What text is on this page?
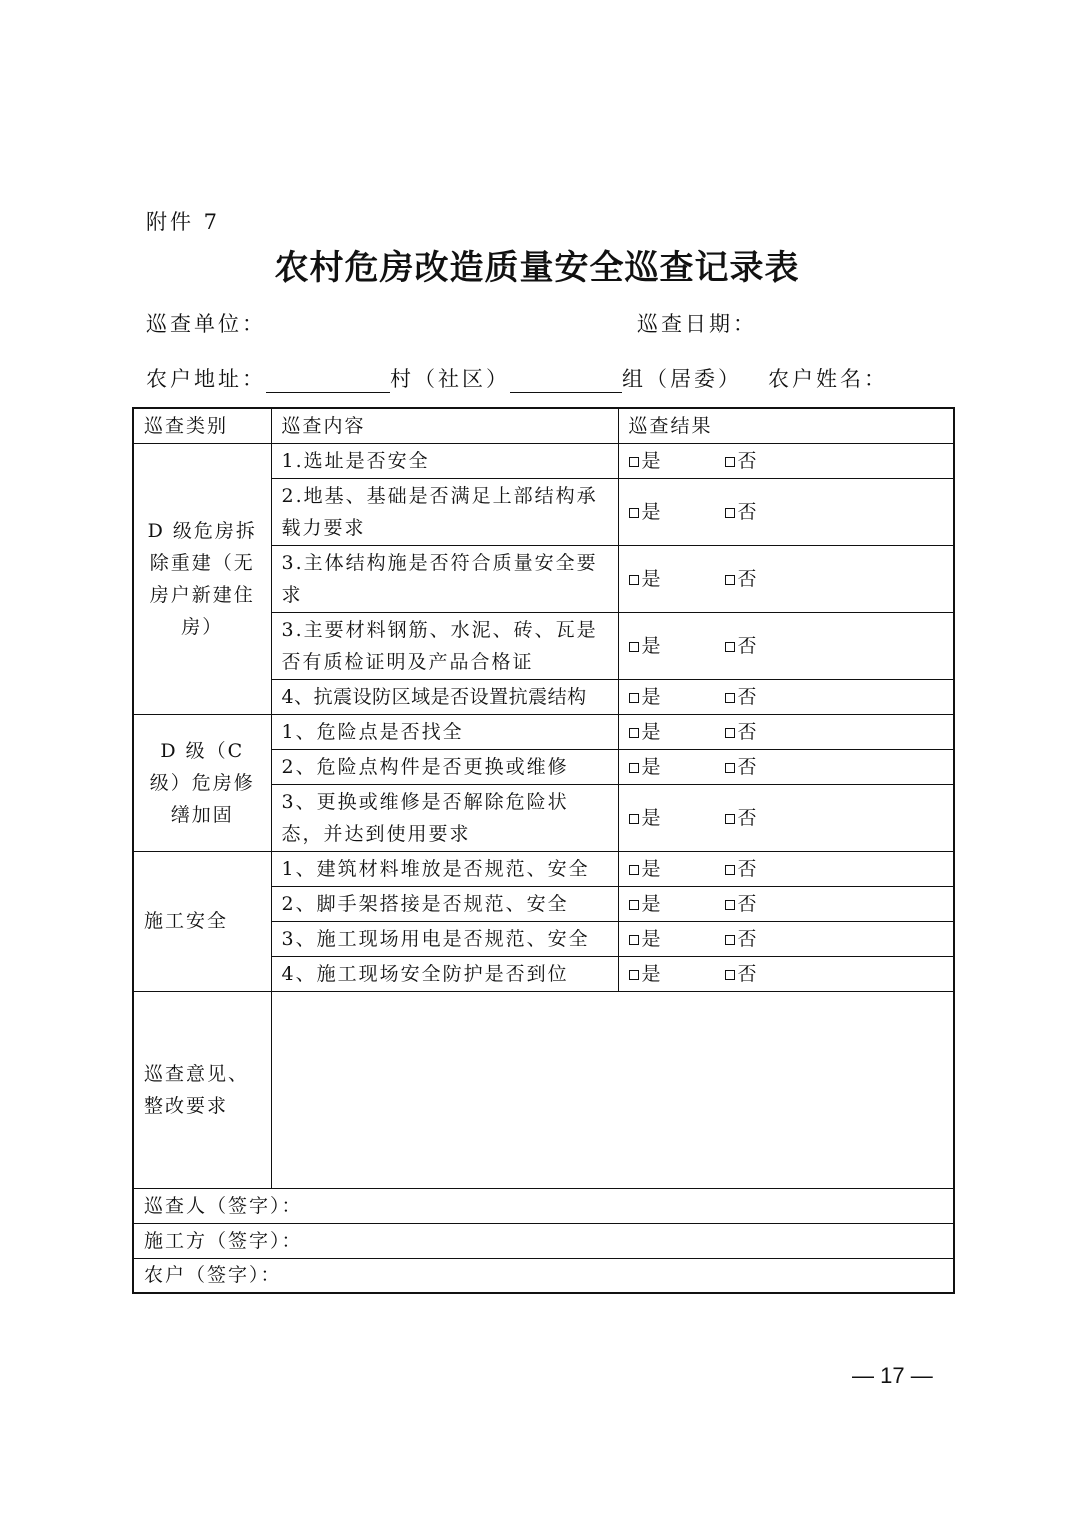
附件 7
农村危房改造质量安全巡查记录表
巡查单位：	巡查日期：
农户地址：	村（社区）	组（居委） 农户姓名：
巡查类别	巡查内容	巡查结果
D 级危房拆除重建（无房户新建住房）	1.选址是否安全	是 否
	2.地基、基础是否满足上部结构承载力要求	是 否
	3.主体结构施是否符合质量安全要求	是 否
	3.主要材料钢筋、水泥、砖、瓦是否有质检证明及产品合格证	是 否
	4、抗震设防区域是否设置抗震结构	是 否
D 级（C 级）危房修缮加固	1、危险点是否找全	是 否
	2、危险点构件是否更换或维修	是 否
	3、更换或维修是否解除危险状态，并达到使用要求	是 否
施工安全	1、建筑材料堆放是否规范、安全	是 否
	2、脚手架搭接是否规范、安全	是 否
	3、施工现场用电是否规范、安全	是 否
	4、施工现场安全防护是否到位	是 否
巡查意见、整改要求		
巡查人（签字）：		
施工方（签字）：		
农户（签字）：		
— 17 —
